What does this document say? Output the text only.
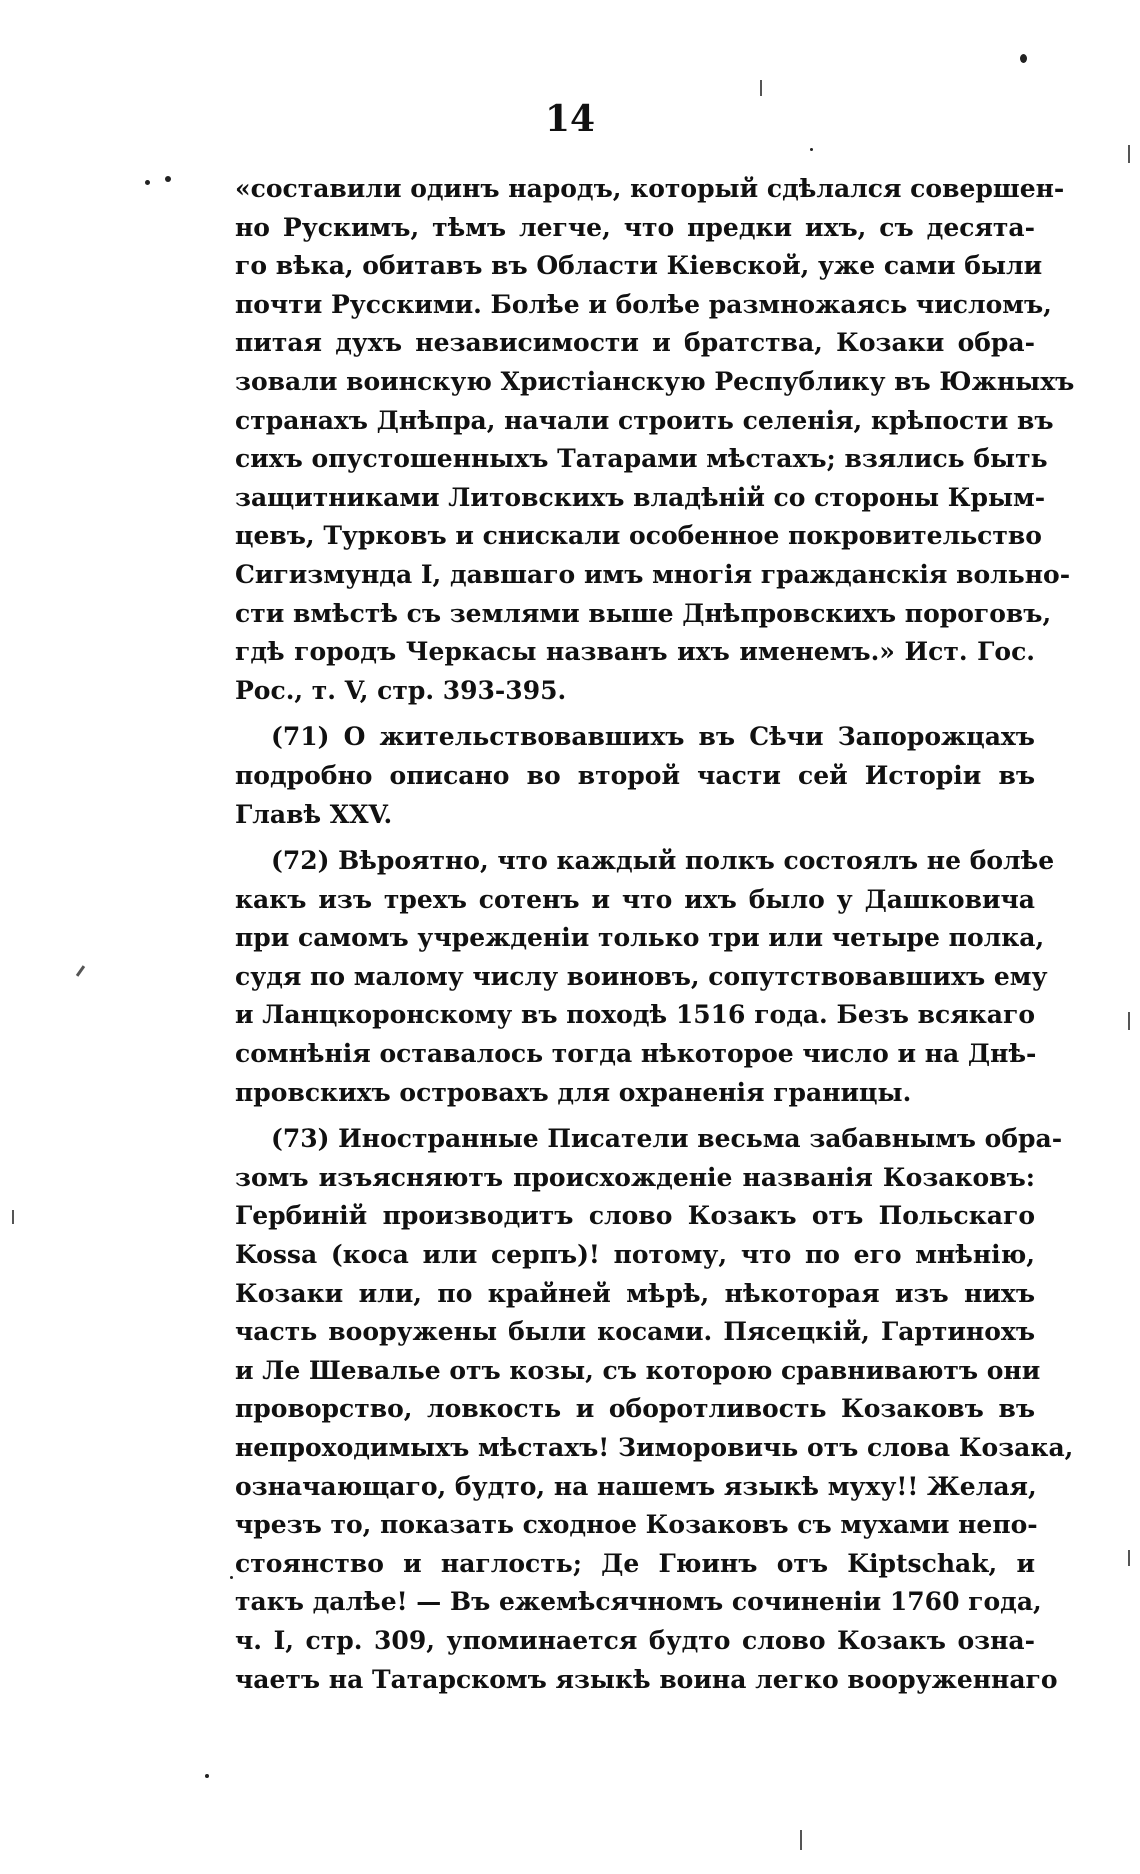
14
«составили одинъ народъ, который сдѣлался совершен-
но Рускимъ, тѣмъ легче, что предки ихъ, съ десята-
го вѣка, обитавъ въ Области Кіевской, уже сами были
почти Русскими. Болѣе и болѣе размножаясь числомъ,
питая духъ независимости и братства, Козаки обра-
зовали воинскую Христіанскую Республику въ Южныхъ
странахъ Днѣпра, начали строить селенія, крѣпости въ
сихъ опустошенныхъ Татарами мѣстахъ; взялись быть
защитниками Литовскихъ владѣній со стороны Крым-
цевъ, Турковъ и снискали особенное покровительство
Сигизмунда I, давшаго имъ многія гражданскія вольно-
сти вмѣстѣ съ землями выше Днѣпровскихъ пороговъ,
гдѣ городъ Черкасы названъ ихъ именемъ.» Ист. Гос.
Рос., т. V, стр. 393-395.
(71) О жительствовавшихъ въ Сѣчи Запорожцахъ
подробно описано во второй части сей Исторіи въ
Главѣ XXV.
(72) Вѣроятно, что каждый полкъ состоялъ не болѣе
какъ изъ трехъ сотенъ и что ихъ было у Дашковича
при самомъ учрежденіи только три или четыре полка,
судя по малому числу воиновъ, сопутствовавшихъ ему
и Ланцкоронскому въ походѣ 1516 года. Безъ всякаго
сомнѣнія оставалось тогда нѣкоторое число и на Днѣ-
провскихъ островахъ для охраненія границы.
(73) Иностранные Писатели весьма забавнымъ обра-
зомъ изъясняютъ происхожденіе названія Козаковъ:
Гербиній производитъ слово Козакъ отъ Польскаго
Kossa (коса или серпъ)! потому, что по его мнѣнію,
Козаки или, по крайней мѣрѣ, нѣкоторая изъ нихъ
часть вооружены были косами. Пясецкій, Гартинохъ
и Ле Шевалье отъ козы, съ которою сравниваютъ они
проворство, ловкость и оборотливость Козаковъ въ
непроходимыхъ мѣстахъ! Зиморовичь отъ слова Козака,
означающаго, будто, на нашемъ языкѣ муху!! Желая,
чрезъ то, показать сходное Козаковъ съ мухами непо-
стоянство и наглость; Де Гюинъ отъ Kiptschak, и
такъ далѣе! — Въ ежемѣсячномъ сочиненіи 1760 года,
ч. I, стр. 309, упоминается будто слово Козакъ озна-
чаетъ на Татарскомъ языкѣ воина легко вооруженнаго
